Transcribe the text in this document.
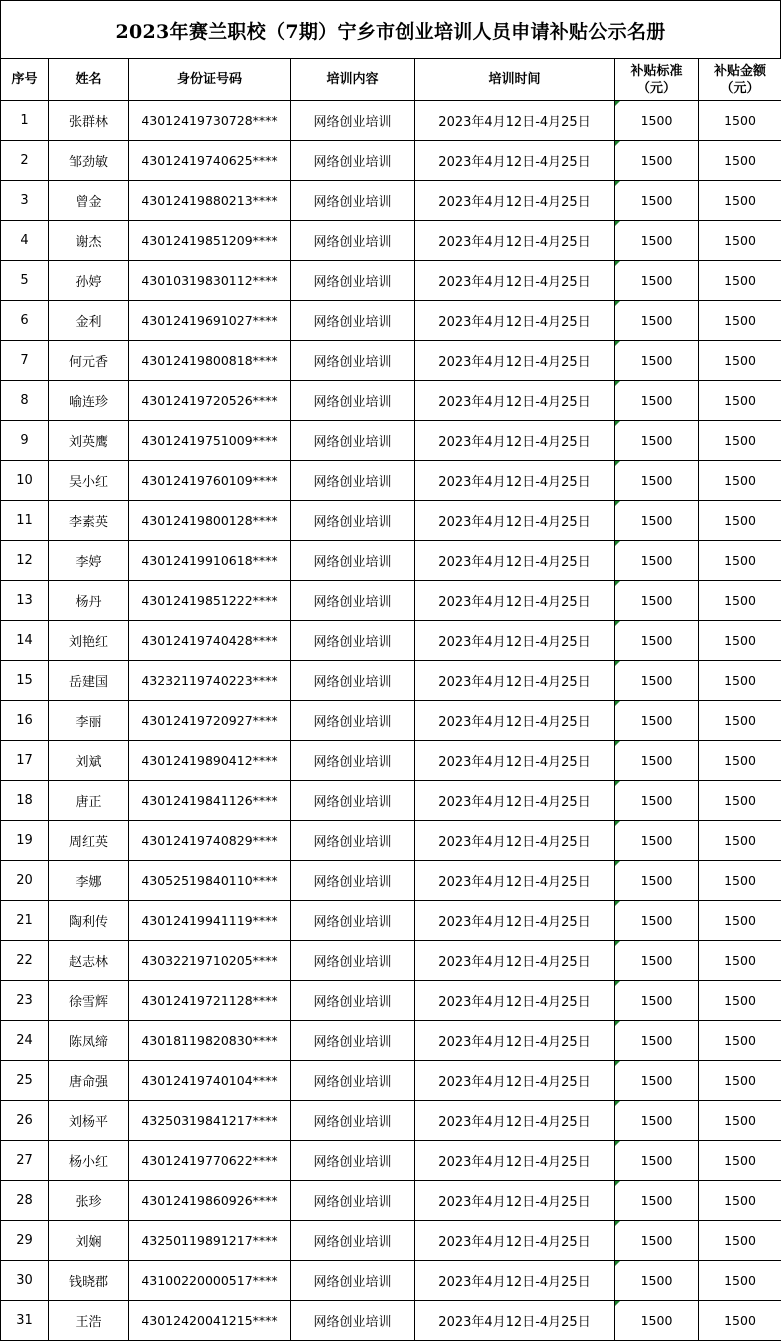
2023年赛兰职校（7期）宁乡市创业培训人员申请补贴公示名册
序号	姓名	身份证号码	培训内容	培训时间	补贴标准（元）	补贴金额（元）
1	张群林	43012419730728****	网络创业培训	2023年4月12日-4月25日	1500	1500
2	邹劲敏	43012419740625****	网络创业培训	2023年4月12日-4月25日	1500	1500
3	曾金	43012419880213****	网络创业培训	2023年4月12日-4月25日	1500	1500
4	谢杰	43012419851209****	网络创业培训	2023年4月12日-4月25日	1500	1500
5	孙婷	43010319830112****	网络创业培训	2023年4月12日-4月25日	1500	1500
6	金利	43012419691027****	网络创业培训	2023年4月12日-4月25日	1500	1500
7	何元香	43012419800818****	网络创业培训	2023年4月12日-4月25日	1500	1500
8	喻连珍	43012419720526****	网络创业培训	2023年4月12日-4月25日	1500	1500
9	刘英鹰	43012419751009****	网络创业培训	2023年4月12日-4月25日	1500	1500
10	吴小红	43012419760109****	网络创业培训	2023年4月12日-4月25日	1500	1500
11	李素英	43012419800128****	网络创业培训	2023年4月12日-4月25日	1500	1500
12	李婷	43012419910618****	网络创业培训	2023年4月12日-4月25日	1500	1500
13	杨丹	43012419851222****	网络创业培训	2023年4月12日-4月25日	1500	1500
14	刘艳红	43012419740428****	网络创业培训	2023年4月12日-4月25日	1500	1500
15	岳建国	43232119740223****	网络创业培训	2023年4月12日-4月25日	1500	1500
16	李丽	43012419720927****	网络创业培训	2023年4月12日-4月25日	1500	1500
17	刘斌	43012419890412****	网络创业培训	2023年4月12日-4月25日	1500	1500
18	唐正	43012419841126****	网络创业培训	2023年4月12日-4月25日	1500	1500
19	周红英	43012419740829****	网络创业培训	2023年4月12日-4月25日	1500	1500
20	李娜	43052519840110****	网络创业培训	2023年4月12日-4月25日	1500	1500
21	陶利传	43012419941119****	网络创业培训	2023年4月12日-4月25日	1500	1500
22	赵志林	43032219710205****	网络创业培训	2023年4月12日-4月25日	1500	1500
23	徐雪辉	43012419721128****	网络创业培训	2023年4月12日-4月25日	1500	1500
24	陈凤缔	43018119820830****	网络创业培训	2023年4月12日-4月25日	1500	1500
25	唐命强	43012419740104****	网络创业培训	2023年4月12日-4月25日	1500	1500
26	刘杨平	43250319841217****	网络创业培训	2023年4月12日-4月25日	1500	1500
27	杨小红	43012419770622****	网络创业培训	2023年4月12日-4月25日	1500	1500
28	张珍	43012419860926****	网络创业培训	2023年4月12日-4月25日	1500	1500
29	刘娴	43250119891217****	网络创业培训	2023年4月12日-4月25日	1500	1500
30	钱晓郡	43100220000517****	网络创业培训	2023年4月12日-4月25日	1500	1500
31	王浩	43012420041215****	网络创业培训	2023年4月12日-4月25日	1500	1500
